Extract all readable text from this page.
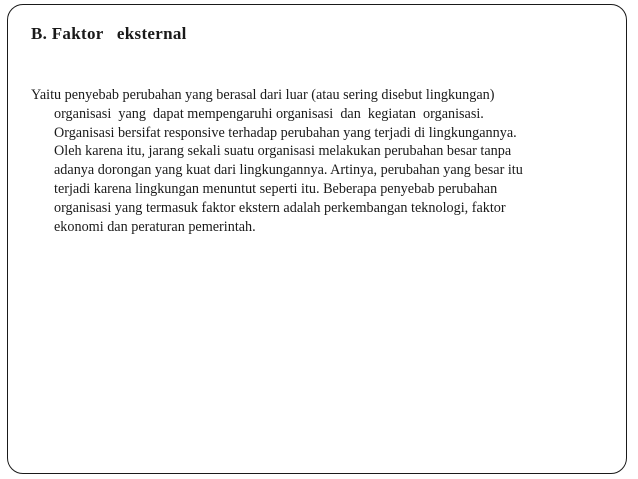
B. Faktor   eksternal
Yaitu penyebab perubahan yang berasal dari luar (atau sering disebut lingkungan)
organisasi  yang  dapat mempengaruhi organisasi  dan  kegiatan  organisasi.
Organisasi bersifat responsive terhadap perubahan yang terjadi di lingkungannya.
Oleh karena itu, jarang sekali suatu organisasi melakukan perubahan besar tanpa
adanya dorongan yang kuat dari lingkungannya. Artinya, perubahan yang besar itu
terjadi karena lingkungan menuntut seperti itu. Beberapa penyebab perubahan
organisasi yang termasuk faktor ekstern adalah perkembangan teknologi, faktor
ekonomi dan peraturan pemerintah.
